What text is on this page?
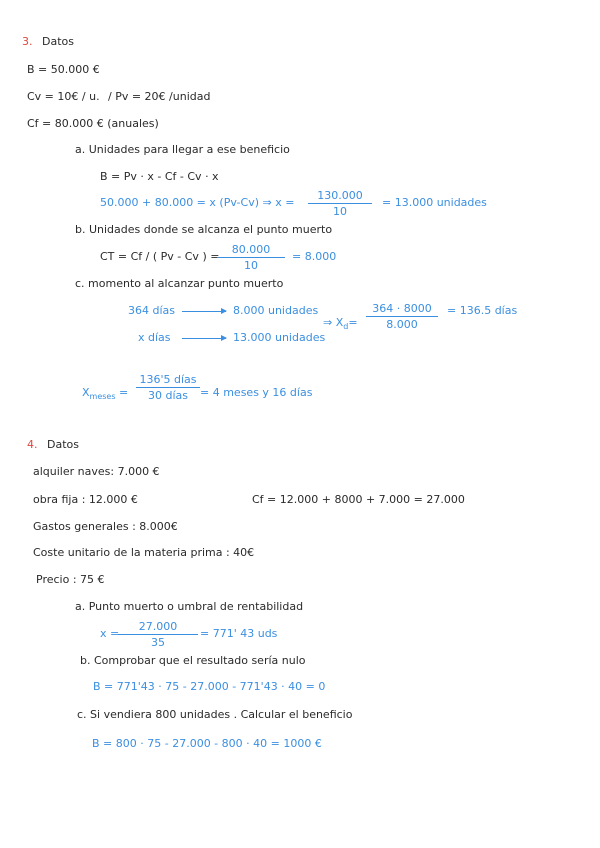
3. Datos
B = 50.000 €
Cv = 10€ / u. / Pv = 20€ /unidad
Cf = 80.000 € (anuales)
a. Unidades para llegar a ese beneficio
B = Pv · x - Cf - Cv · x
50.000 + 80.000 = x (Pv-Cv) ⇒ $x = \frac{130.000}{10} = 13.000$ unidades
b. Unidades donde se alcanza el punto muerto
CT = Cf / ( Pv - Cv ) =
$\frac{80.000}{10} = 8.000$
c. momento al alcanzar punto muerto
364 días	8.000 unidades
x días	13.000 unidades
⇒ $X_d= \frac{364 \cdot 8000}{8.000} = 136.5$ días
$X_{meses}$ =
136'5 días
30 días	= 4 meses y 16 días
4. Datos
alquiler naves: 7.000 €
obra fija : 12.000 €	Cf = 12.000 + 8000 + 7.000 = 27.000
Gastos generales : 8.000€
Coste unitario de la materia prima : 40€
Precio : 75 €
a. Punto muerto o umbral de rentabilidad
x =
$\frac{27.000}{35} = 771'$ 43 uds
b. Comprobar que el resultado sería nulo
B = 771'43 · 75 - 27.000 - 771'43 · 40 = 0
c. Si vendiera 800 unidades . Calcular el beneficio
B = 800 · 75 - 27.000 - 800 · 40 = 1000 €
